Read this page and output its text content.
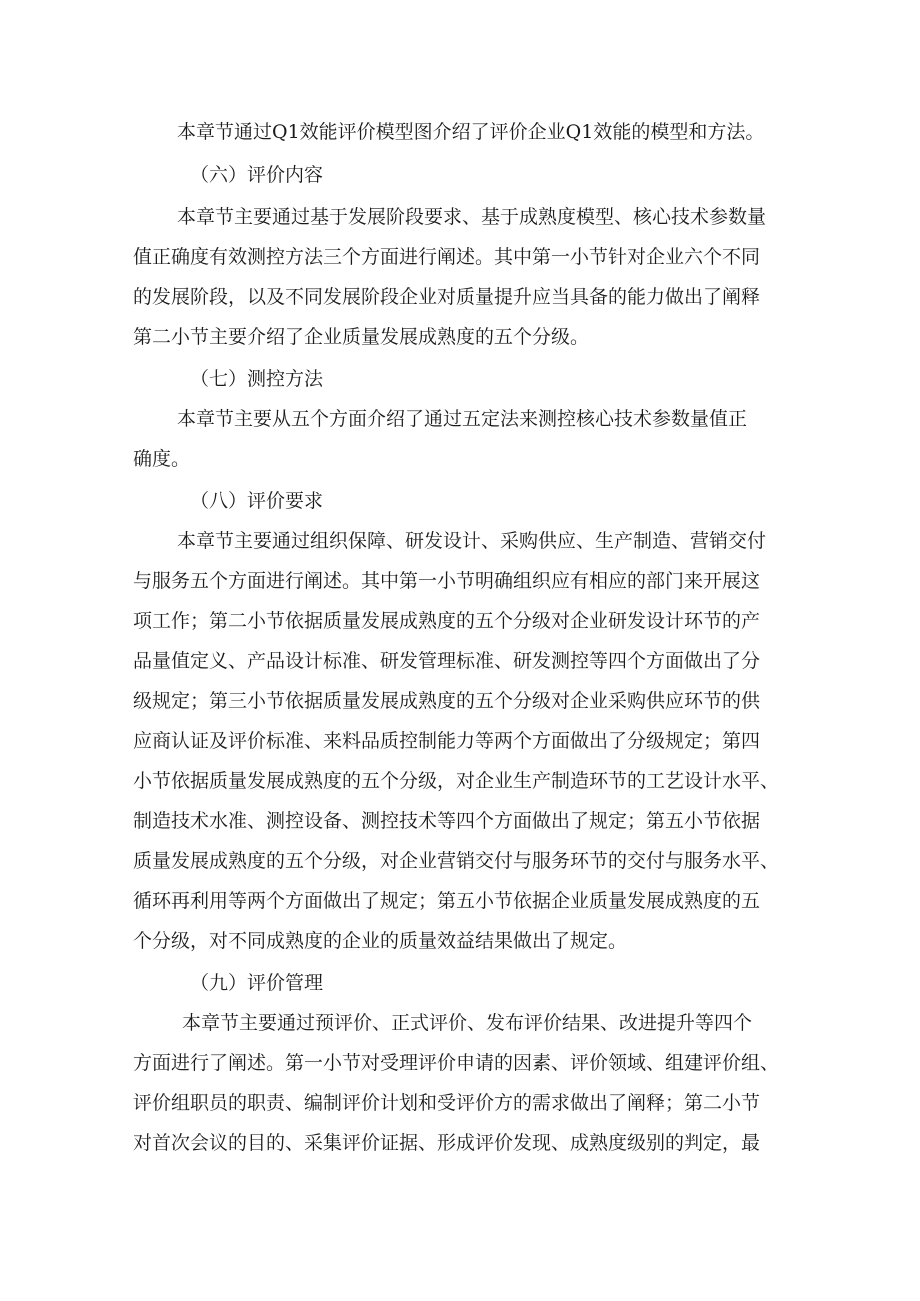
本章节通过Q1效能评价模型图介绍了评价企业Q1效能的模型和方法。
（六）评价内容
本章节主要通过基于发展阶段要求、基于成熟度模型、核心技术参数量
值正确度有效测控方法三个方面进行阐述。其中第一小节针对企业六个不同
的发展阶段，以及不同发展阶段企业对质量提升应当具备的能力做出了阐释
第二小节主要介绍了企业质量发展成熟度的五个分级。
（七）测控方法
本章节主要从五个方面介绍了通过五定法来测控核心技术参数量值正
确度。
（八）评价要求
本章节主要通过组织保障、研发设计、采购供应、生产制造、营销交付
与服务五个方面进行阐述。其中第一小节明确组织应有相应的部门来开展这
项工作；第二小节依据质量发展成熟度的五个分级对企业研发设计环节的产
品量值定义、产品设计标准、研发管理标准、研发测控等四个方面做出了分
级规定；第三小节依据质量发展成熟度的五个分级对企业采购供应环节的供
应商认证及评价标准、来料品质控制能力等两个方面做出了分级规定；第四
小节依据质量发展成熟度的五个分级，对企业生产制造环节的工艺设计水平、
制造技术水准、测控设备、测控技术等四个方面做出了规定；第五小节依据
质量发展成熟度的五个分级，对企业营销交付与服务环节的交付与服务水平、
循环再利用等两个方面做出了规定；第五小节依据企业质量发展成熟度的五
个分级，对不同成熟度的企业的质量效益结果做出了规定。
（九）评价管理
本章节主要通过预评价、正式评价、发布评价结果、改进提升等四个
方面进行了阐述。第一小节对受理评价申请的因素、评价领域、组建评价组、
评价组职员的职责、编制评价计划和受评价方的需求做出了阐释；第二小节
对首次会议的目的、采集评价证据、形成评价发现、成熟度级别的判定，最
